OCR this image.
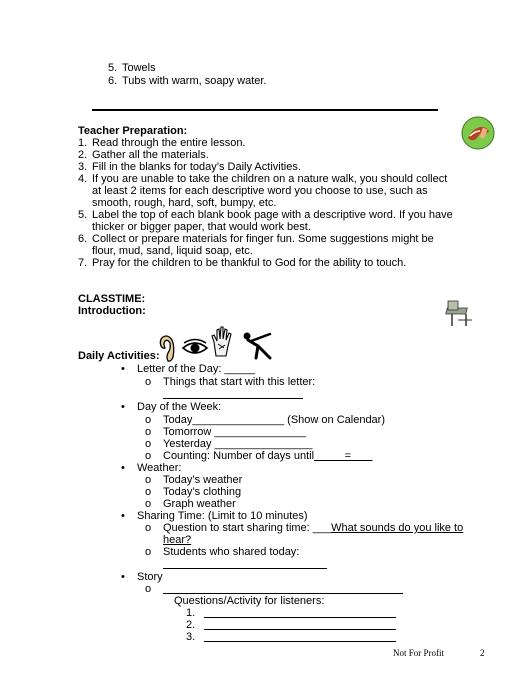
5. Towels
6. Tubs with warm, soapy water.
Teacher Preparation:
1. Read through the entire lesson.
2. Gather all the materials.
3. Fill in the blanks for today’s Daily Activities.
4. If you are unable to take the children on a nature walk, you should collect
at least 2 items for each descriptive word you choose to use, such as
smooth, rough, hard, soft, bumpy, etc.
5. Label the top of each blank book page with a descriptive word. If you have
thicker or bigger paper, that would work best.
6. Collect or prepare materials for finger fun. Some suggestions might be
flour, mud, sand, liquid soap, etc.
7. Pray for the children to be thankful to God for the ability to touch.
CLASSTIME:
Introduction:
Daily Activities:
• Letter of the Day: _____
o Things that start with this letter:
• Day of the Week:
o Today_______________ (Show on Calendar)
o Tomorrow _______________
o Yesterday ________________
o Counting: Number of days until          =
• Weather:
o Today’s weather
o Today’s clothing
o Graph weather
• Sharing Time: (Limit to 10 minutes)
o Question to start sharing time: ___What sounds do you like to
hear?
o Students who shared today:
• Story
o
Questions/Activity for listeners:
1.
2.
3.
Not For Profit	2
